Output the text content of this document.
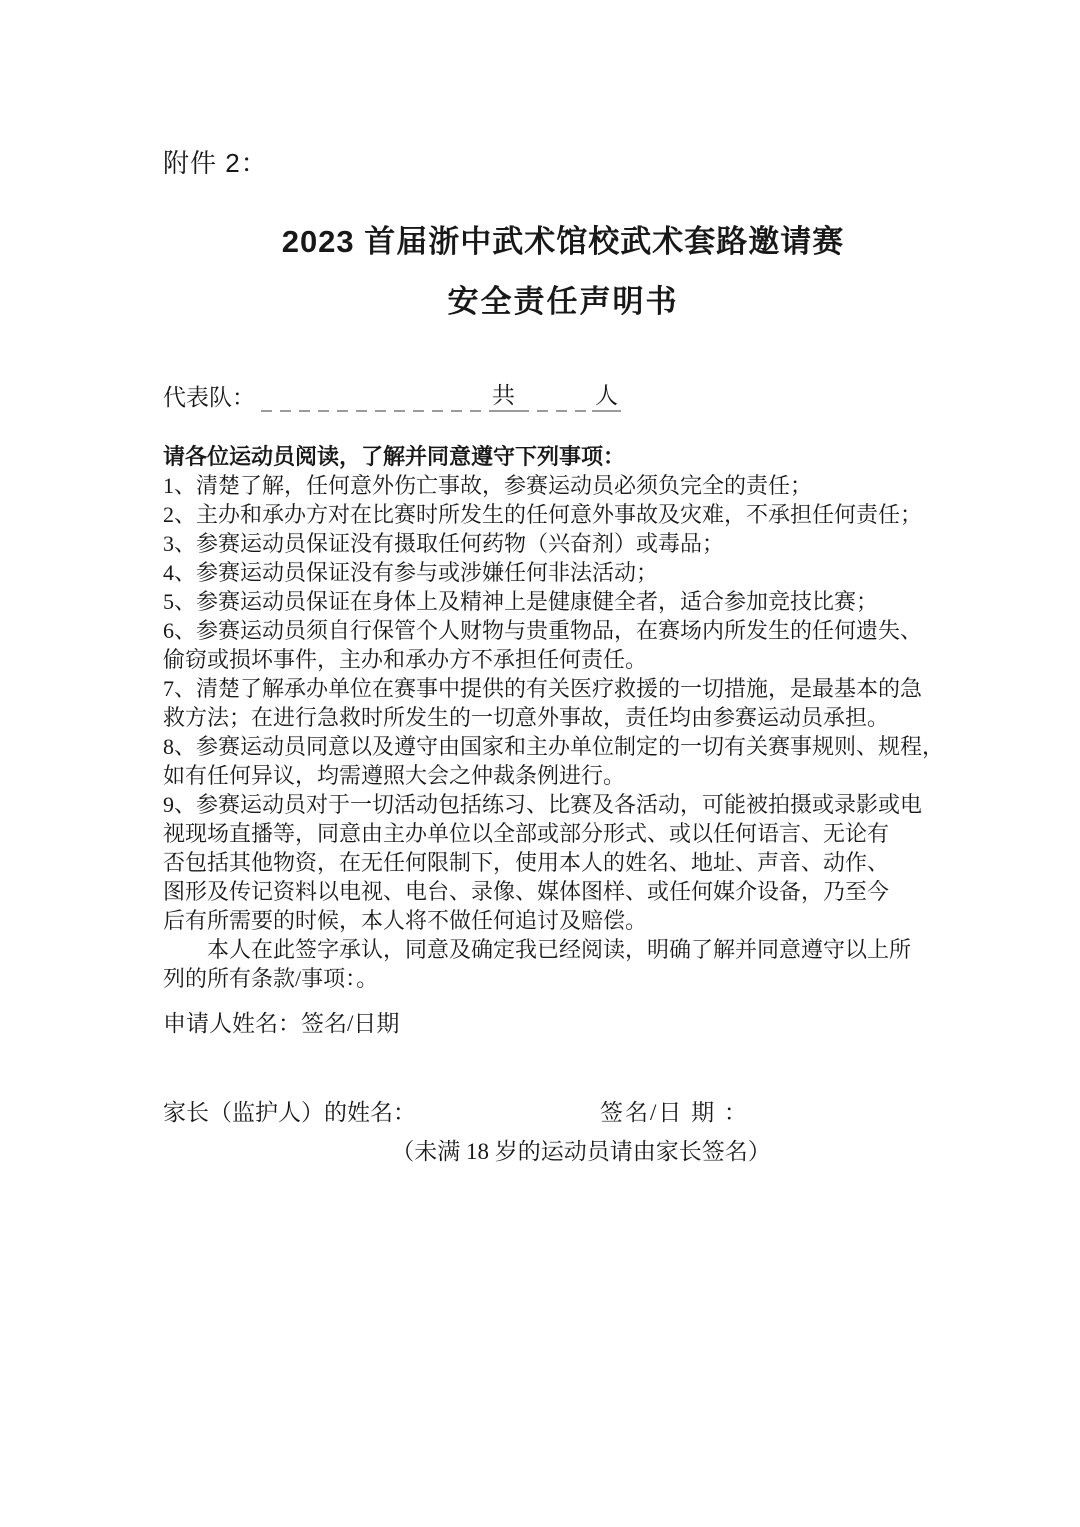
附件 2：
2023 首届浙中武术馆校武术套路邀请赛
安全责任声明书
代表队：	共	人
请各位运动员阅读，了解并同意遵守下列事项：
1、清楚了解，任何意外伤亡事故，参赛运动员必须负完全的责任；
2、主办和承办方对在比赛时所发生的任何意外事故及灾难，不承担任何责任；
3、参赛运动员保证没有摄取任何药物（兴奋剂）或毒品；
4、参赛运动员保证没有参与或涉嫌任何非法活动；
5、参赛运动员保证在身体上及精神上是健康健全者，适合参加竞技比赛；
6、参赛运动员须自行保管个人财物与贵重物品，在赛场内所发生的任何遗失、
偷窃或损坏事件，主办和承办方不承担任何责任。
7、清楚了解承办单位在赛事中提供的有关医疗救援的一切措施，是最基本的急
救方法；在进行急救时所发生的一切意外事故，责任均由参赛运动员承担。
8、参赛运动员同意以及遵守由国家和主办单位制定的一切有关赛事规则、规程，
如有任何异议，均需遵照大会之仲裁条例进行。
9、参赛运动员对于一切活动包括练习、比赛及各活动，可能被拍摄或录影或电
视现场直播等，同意由主办单位以全部或部分形式、或以任何语言、无论有
否包括其他物资，在无任何限制下，使用本人的姓名、地址、声音、动作、
图形及传记资料以电视、电台、录像、媒体图样、或任何媒介设备，乃至今
后有所需要的时候，本人将不做任何追讨及赔偿。
本人在此签字承认，同意及确定我已经阅读，明确了解并同意遵守以上所
列的所有条款/事项：。
申请人姓名：签名/日期
家长（监护人）的姓名：	签名/日 期 ：
（未满 18 岁的运动员请由家长签名）
